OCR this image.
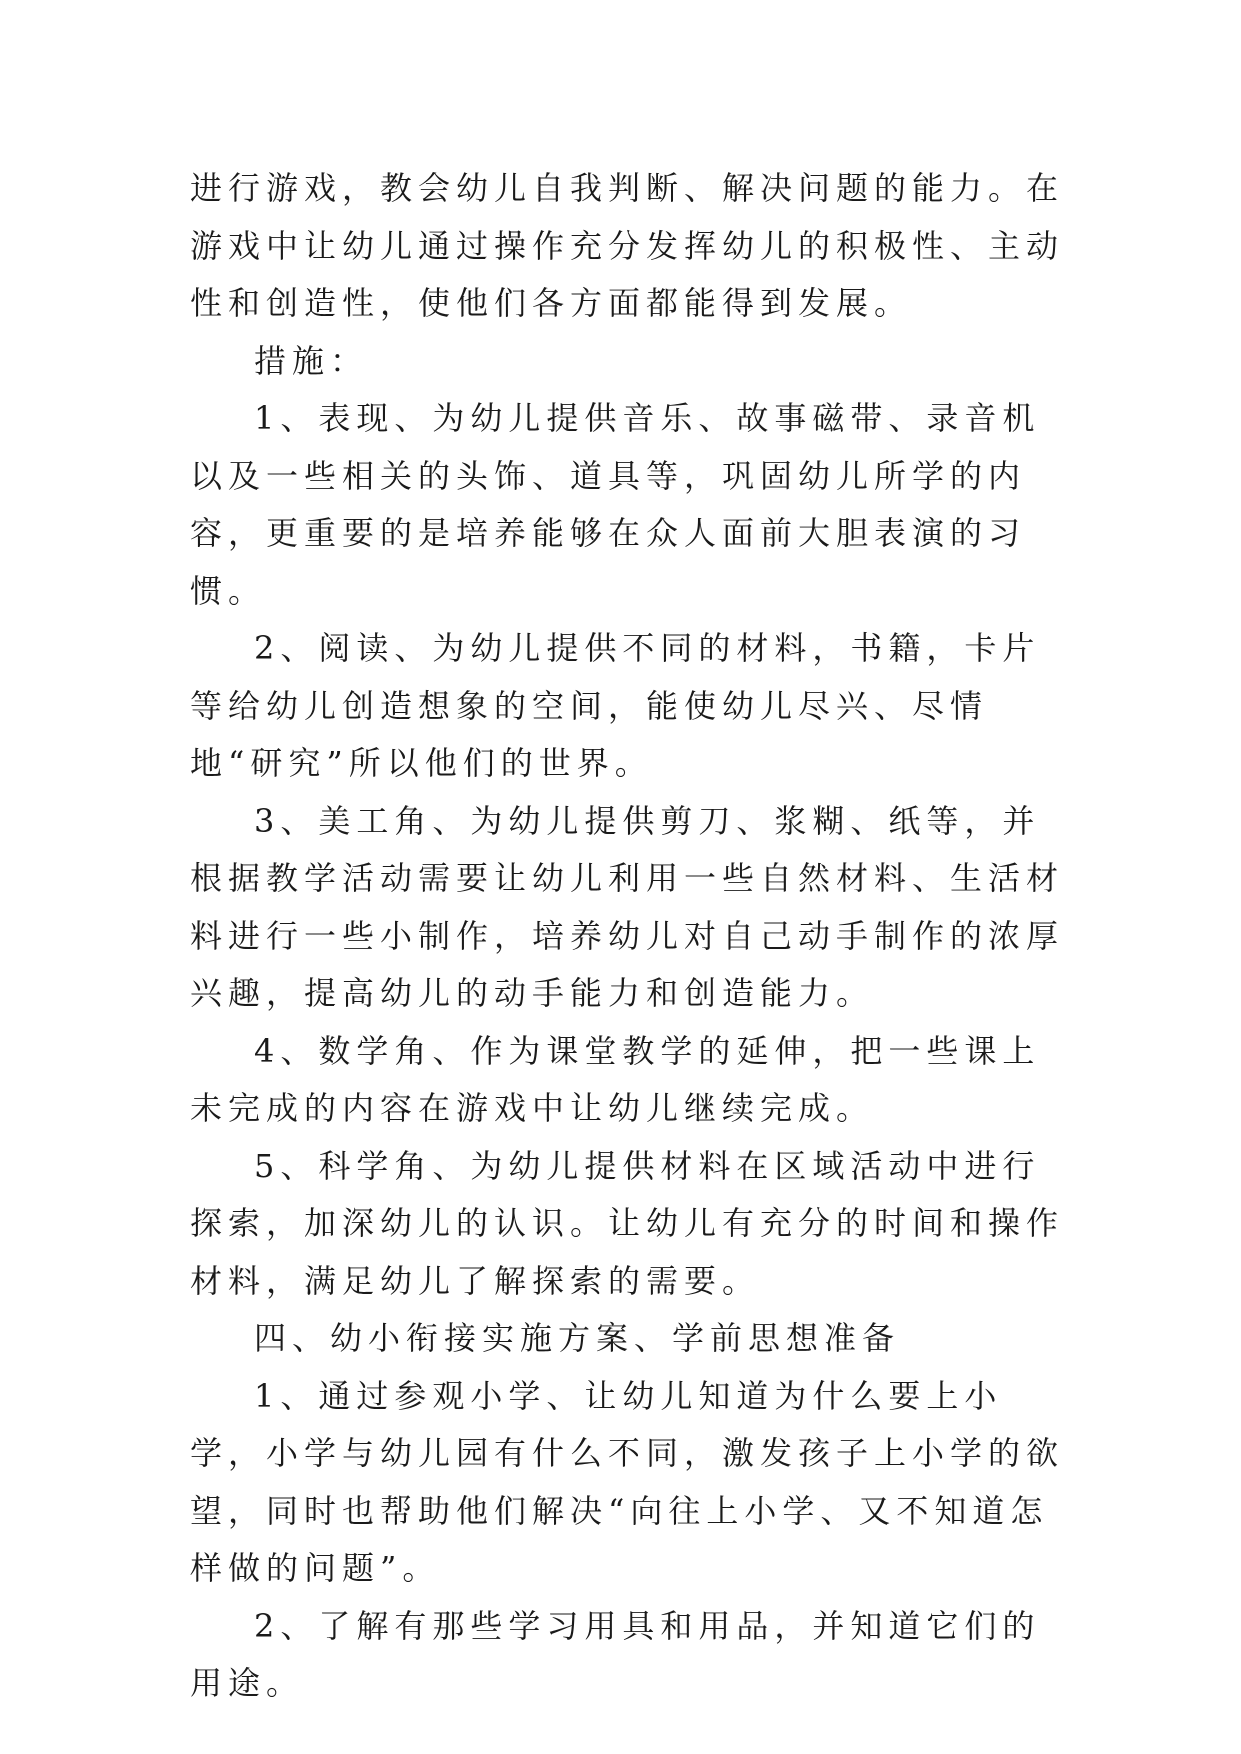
进行游戏，教会幼儿自我判断、解决问题的能力。在游戏中让幼儿通过操作充分发挥幼儿的积极性、主动性和创造性，使他们各方面都能得到发展。

措施：

1、表现、为幼儿提供音乐、故事磁带、录音机以及一些相关的头饰、道具等，巩固幼儿所学的内容，更重要的是培养能够在众人面前大胆表演的习惯。

2、阅读、为幼儿提供不同的材料，书籍，卡片等给幼儿创造想象的空间，能使幼儿尽兴、尽情地“研究”所以他们的世界。

3、美工角、为幼儿提供剪刀、浆糊、纸等，并根据教学活动需要让幼儿利用一些自然材料、生活材料进行一些小制作，培养幼儿对自己动手制作的浓厚兴趣，提高幼儿的动手能力和创造能力。

4、数学角、作为课堂教学的延伸，把一些课上未完成的内容在游戏中让幼儿继续完成。

5、科学角、为幼儿提供材料在区域活动中进行探索，加深幼儿的认识。让幼儿有充分的时间和操作材料，满足幼儿了解探索的需要。

四、幼小衔接实施方案、学前思想准备

1、通过参观小学、让幼儿知道为什么要上小学，小学与幼儿园有什么不同，激发孩子上小学的欲望，同时也帮助他们解决“向往上小学、又不知道怎样做的问题”。

2、了解有那些学习用具和用品，并知道它们的用途。
